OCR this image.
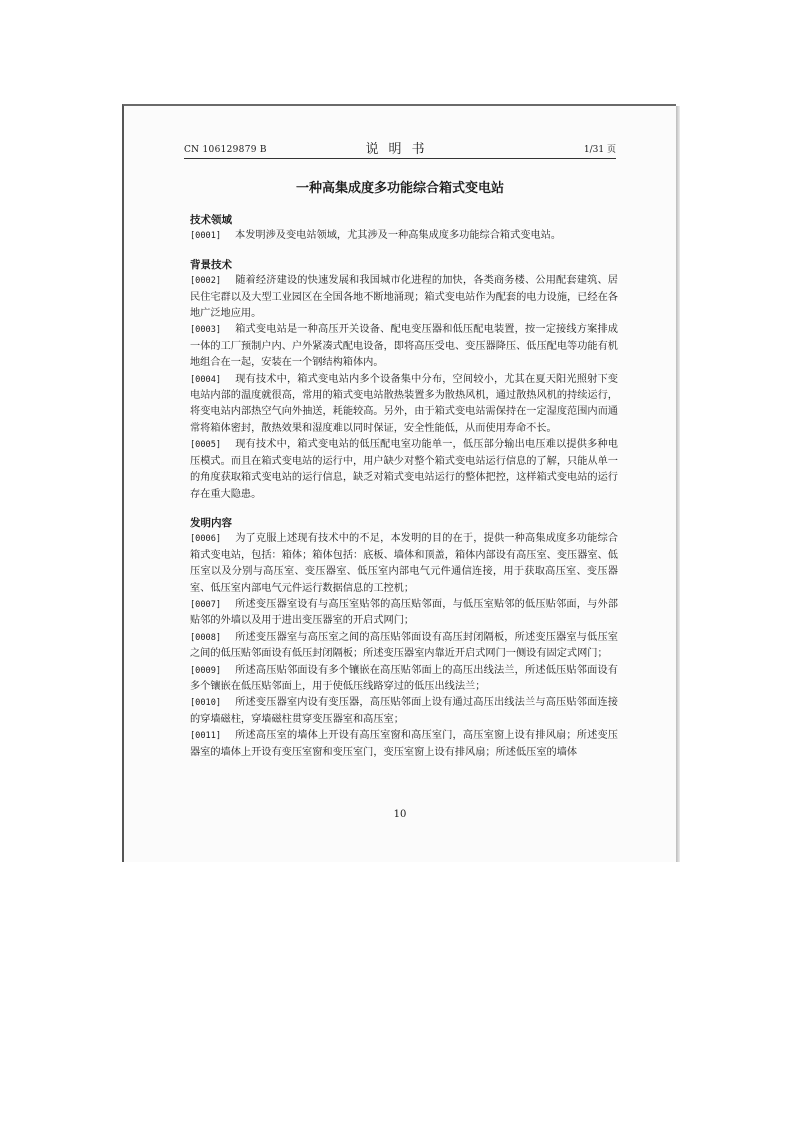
CN 106129879 B	说明书	1/31 页
一种高集成度多功能综合箱式变电站
技术领域

[0001] 本发明涉及变电站领域，尤其涉及一种高集成度多功能综合箱式变电站。

背景技术

[0002] 随着经济建设的快速发展和我国城市化进程的加快，各类商务楼、公用配套建筑、居民住宅群以及大型工业园区在全国各地不断地涌现；箱式变电站作为配套的电力设施，已经在各地广泛地应用。

[0003] 箱式变电站是一种高压开关设备、配电变压器和低压配电装置，按一定接线方案排成一体的工厂预制户内、户外紧凑式配电设备，即将高压受电、变压器降压、低压配电等功能有机地组合在一起，安装在一个钢结构箱体内。

[0004] 现有技术中，箱式变电站内多个设备集中分布，空间较小，尤其在夏天阳光照射下变电站内部的温度就很高，常用的箱式变电站散热装置多为散热风机，通过散热风机的持续运行，将变电站内部热空气向外抽送，耗能较高。另外，由于箱式变电站需保持在一定湿度范围内而通常将箱体密封，散热效果和湿度难以同时保证，安全性能低，从而使用寿命不长。

[0005] 现有技术中，箱式变电站的低压配电室功能单一，低压部分输出电压难以提供多种电压模式。而且在箱式变电站的运行中，用户缺少对整个箱式变电站运行信息的了解，只能从单一的角度获取箱式变电站的运行信息，缺乏对箱式变电站运行的整体把控，这样箱式变电站的运行存在重大隐患。

发明内容

[0006] 为了克服上述现有技术中的不足，本发明的目的在于，提供一种高集成度多功能综合箱式变电站，包括：箱体；箱体包括：底板、墙体和顶盖，箱体内部设有高压室、变压器室、低压室以及分别与高压室、变压器室、低压室内部电气元件通信连接，用于获取高压室、变压器室、低压室内部电气元件运行数据信息的工控机；

[0007] 所述变压器室设有与高压室贴邻的高压贴邻面，与低压室贴邻的低压贴邻面，与外部贴邻的外墙以及用于进出变压器室的开启式网门；

[0008] 所述变压器室与高压室之间的高压贴邻面设有高压封闭隔板，所述变压器室与低压室之间的低压贴邻面设有低压封闭隔板；所述变压器室内靠近开启式网门一侧设有固定式网门；

[0009] 所述高压贴邻面设有多个镶嵌在高压贴邻面上的高压出线法兰，所述低压贴邻面设有多个镶嵌在低压贴邻面上，用于使低压线路穿过的低压出线法兰；

[0010] 所述变压器室内设有变压器，高压贴邻面上设有通过高压出线法兰与高压贴邻面连接的穿墙磁柱，穿墙磁柱贯穿变压器室和高压室；

[0011] 所述高压室的墙体上开设有高压室窗和高压室门，高压室窗上设有排风扇；所述变压器室的墙体上开设有变压室窗和变压室门，变压室窗上设有排风扇；所述低压室的墙体

10
